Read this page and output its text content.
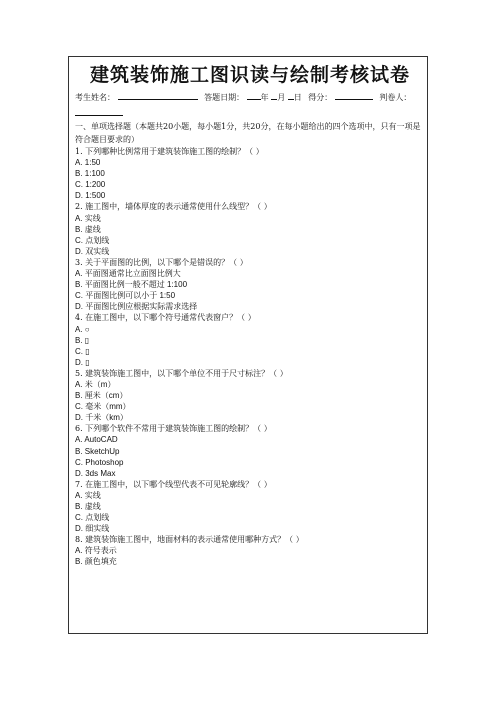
建筑装饰施工图识读与绘制考核试卷
考生姓名：	答题日期： 年 月 日 得分：	判卷人：
一、单项选择题（本题共20小题，每小题1分，共20分，在每小题给出的四个选项中，只有一项是符合题目要求的）
1. 下列哪种比例常用于建筑装饰施工图的绘制？（ ）
A. 1:50
B. 1:100
C. 1:200
D. 1:500
2. 施工图中，墙体厚度的表示通常使用什么线型？（ ）
A. 实线
B. 虚线
C. 点划线
D. 双实线
3. 关于平面图的比例，以下哪个是错误的？（ ）
A. 平面图通常比立面图比例大
B. 平面图比例一般不超过 1:100
C. 平面图比例可以小于 1:50
D. 平面图比例应根据实际需求选择
4. 在施工图中，以下哪个符号通常代表窗户？（ ）
A. ○
B. ▯
C. ▯
D. ▯
5. 建筑装饰施工图中，以下哪个单位不用于尺寸标注？（ ）
A. 米（m）
B. 厘米（cm）
C. 毫米（mm）
D. 千米（km）
6. 下列哪个软件不常用于建筑装饰施工图的绘制？（ ）
A. AutoCAD
B. SketchUp
C. Photoshop
D. 3ds Max
7. 在施工图中，以下哪个线型代表不可见轮廓线？（ ）
A. 实线
B. 虚线
C. 点划线
D. 细实线
8. 建筑装饰施工图中，地面材料的表示通常使用哪种方式？（ ）
A. 符号表示
B. 颜色填充
